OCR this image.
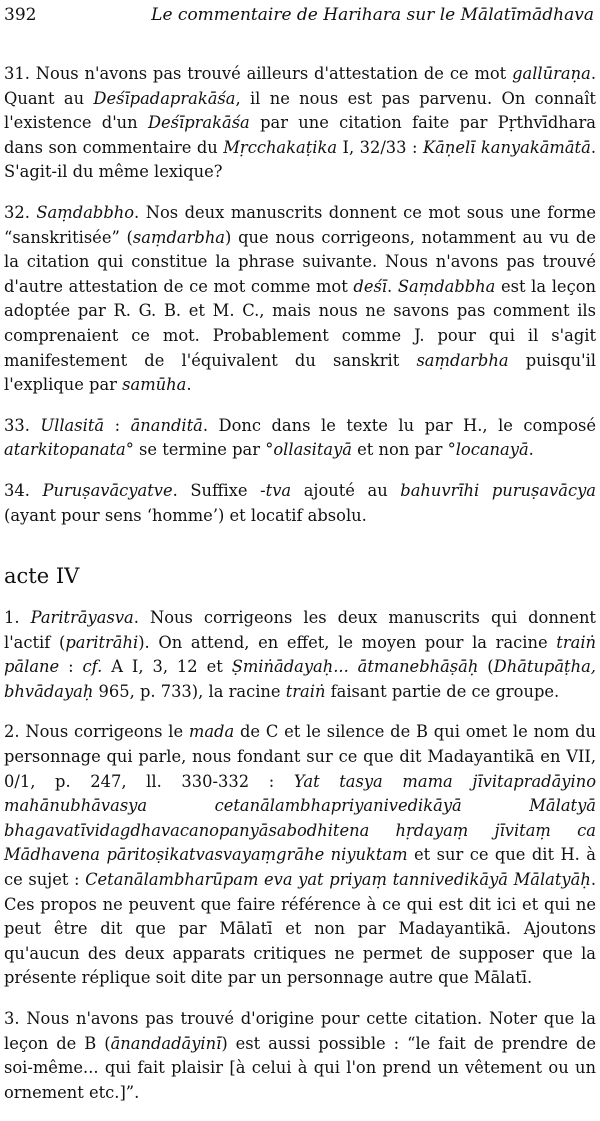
392	Le commentaire de Harihara sur le Mālatīmādhava

31. Nous n'avons pas trouvé ailleurs d'attestation de ce mot gallūraṇa. Quant au Deśīpadaprakāśa, il ne nous est pas parvenu. On connaît l'existence d'un Deśīprakāśa par une citation faite par Pṛthvīdhara dans son commentaire du Mṛcchakaṭika I, 32/33 : Kāṇelī kanyakāmātā. S'agit-il du même lexique?

32. Saṃdabbho. Nos deux manuscrits donnent ce mot sous une forme “sanskritisée” (saṃdarbha) que nous corrigeons, notamment au vu de la citation qui constitue la phrase suivante. Nous n'avons pas trouvé d'autre attestation de ce mot comme mot deśī. Saṃdabbha est la leçon adoptée par R. G. B. et M. C., mais nous ne savons pas comment ils comprenaient ce mot. Probablement comme J. pour qui il s'agit manifestement de l'équivalent du sanskrit saṃdarbha puisqu'il l'explique par samūha.

33. Ullasitā : ānanditā. Donc dans le texte lu par H., le composé atarkitopanata° se termine par °ollasitayā et non par °locanayā.

34. Puruṣavācyatve. Suffixe -tva ajouté au bahuvrīhi puruṣavācya (ayant pour sens ‘homme’) et locatif absolu.

acte IV

1. Paritrāyasva. Nous corrigeons les deux manuscrits qui donnent l'actif (paritrāhi). On attend, en effet, le moyen pour la racine traiṅ pālane : cf. A I, 3, 12 et Ṣmiṅādayaḥ... ātmanebhāṣāḥ (Dhātupāṭha, bhvādayaḥ 965, p. 733), la racine traiṅ faisant partie de ce groupe.

2. Nous corrigeons le mada de C et le silence de B qui omet le nom du personnage qui parle, nous fondant sur ce que dit Madayantikā en VII, 0/1, p. 247, ll. 330-332 : Yat tasya mama jīvitapradāyino mahānubhāvasya cetanālambhapriyanivedikāyā Mālatyā bhagavatīvidagdhavacanopanyāsabodhitena hṛdayaṃ jīvitaṃ ca Mādhavena pāritoṣikatvasvayaṃgrāhe niyuktam et sur ce que dit H. à ce sujet : Cetanālambharūpam eva yat priyaṃ tannivedikāyā Mālatyāḥ. Ces propos ne peuvent que faire référence à ce qui est dit ici et qui ne peut être dit que par Mālatī et non par Madayantikā. Ajoutons qu'aucun des deux apparats critiques ne permet de supposer que la présente réplique soit dite par un personnage autre que Mālatī.

3. Nous n'avons pas trouvé d'origine pour cette citation. Noter que la leçon de B (ānandadāyinī) est aussi possible : “le fait de prendre de soi-même... qui fait plaisir [à celui à qui l'on prend un vêtement ou un ornement etc.]”.
